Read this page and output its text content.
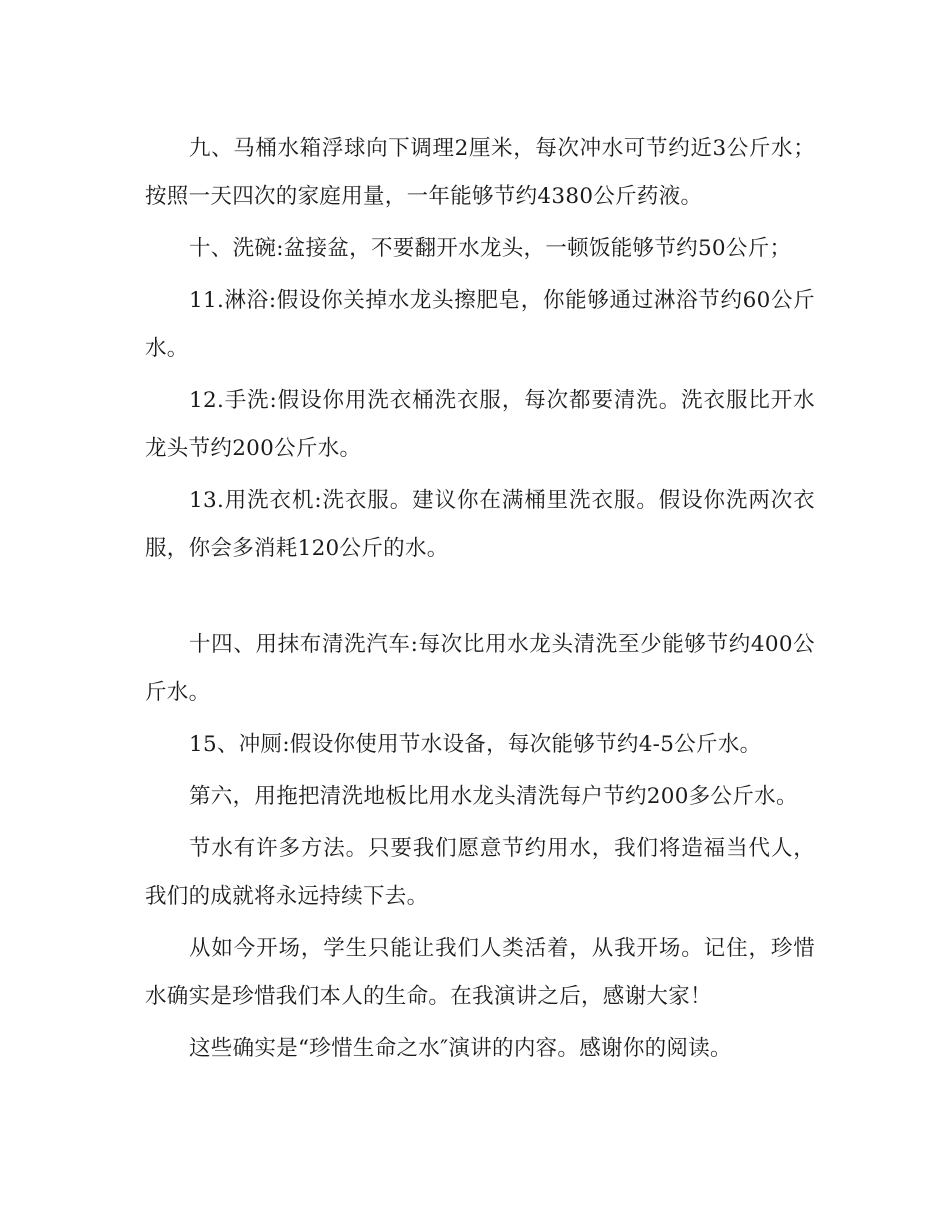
九、马桶水箱浮球向下调理2厘米，每次冲水可节约近3公斤水；按照一天四次的家庭用量，一年能够节约4380公斤药液。

十、洗碗:盆接盆，不要翻开水龙头，一顿饭能够节约50公斤；

11.淋浴:假设你关掉水龙头擦肥皂，你能够通过淋浴节约60公斤水。

12.手洗:假设你用洗衣桶洗衣服，每次都要清洗。洗衣服比开水龙头节约200公斤水。

13.用洗衣机:洗衣服。建议你在满桶里洗衣服。假设你洗两次衣服，你会多消耗120公斤的水。

十四、用抹布清洗汽车:每次比用水龙头清洗至少能够节约400公斤水。

15、冲厕:假设你使用节水设备，每次能够节约4-5公斤水。

第六，用拖把清洗地板比用水龙头清洗每户节约200多公斤水。

节水有许多方法。只要我们愿意节约用水，我们将造福当代人，我们的成就将永远持续下去。

从如今开场，学生只能让我们人类活着，从我开场。记住，珍惜水确实是珍惜我们本人的生命。在我演讲之后，感谢大家！

这些确实是“珍惜生命之水″演讲的内容。感谢你的阅读。
